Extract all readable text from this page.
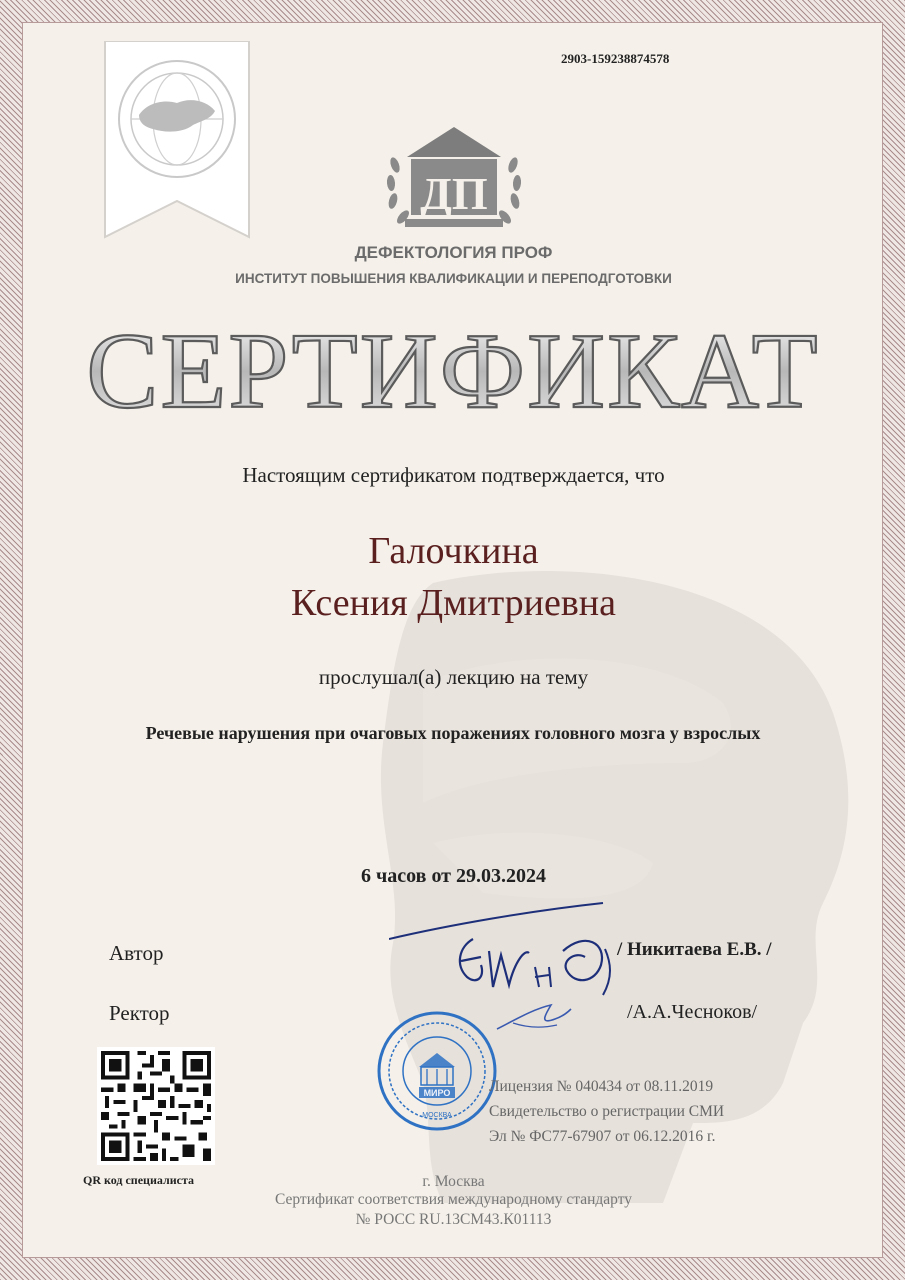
2903-159238874578
ДП
ДЕФЕКТОЛОГИЯ ПРОФ
ИНСТИТУТ ПОВЫШЕНИЯ КВАЛИФИКАЦИИ И ПЕРЕПОДГОТОВКИ
СЕРТИФИКАТ
Настоящим сертификатом подтверждается, что
Галочкина
Ксения Дмитриевна
прослушал(а) лекцию на тему
Речевые нарушения при очаговых поражениях головного мозга у взрослых
6 часов от 29.03.2024
Автор
Ректор
/ Никитаева Е.В. /
/А.А.Чесноков/
МИРО
МОСКВА
QR код специалиста
Лицензия № 040434 от 08.11.2019
Свидетельство о регистрации СМИ
Эл № ФС77-67907 от 06.12.2016 г.
г. Москва
Сертификат соответствия международному стандарту
№ РОСС RU.13СМ43.К01113
